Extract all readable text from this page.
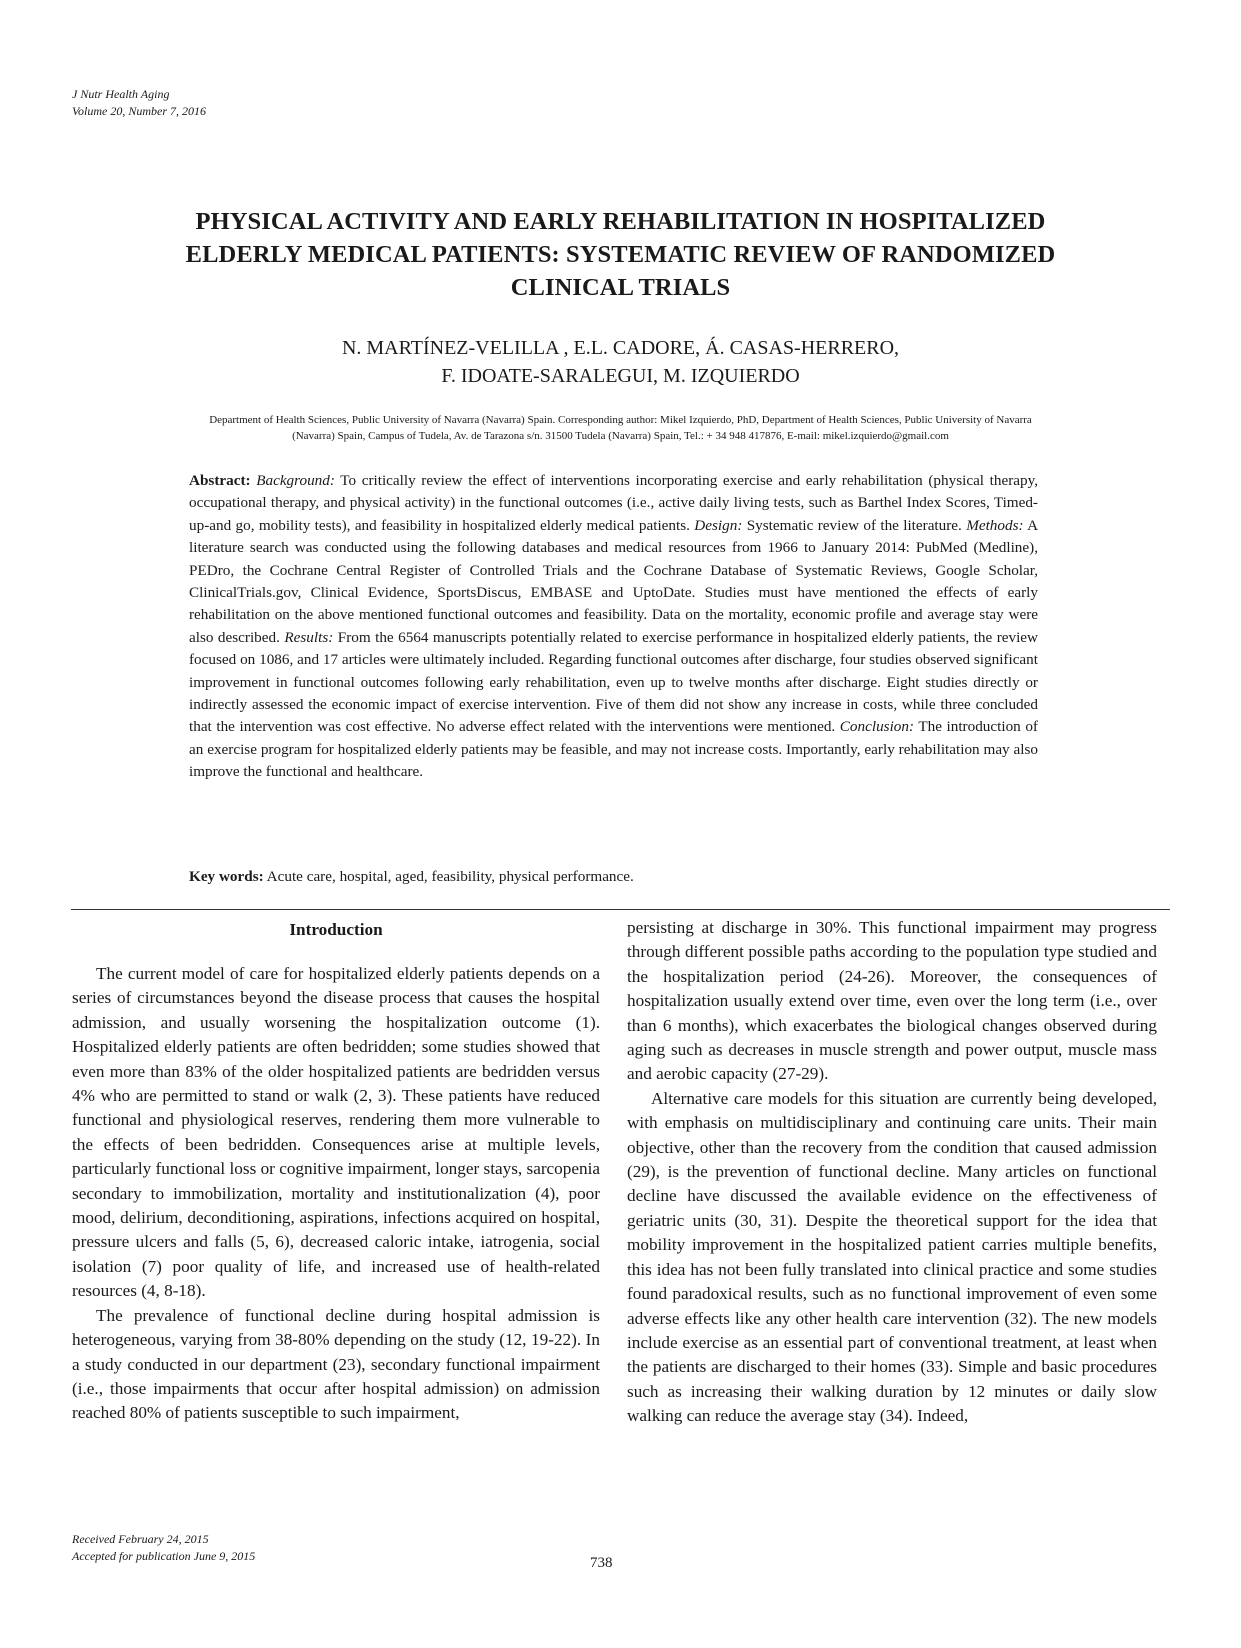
J Nutr Health Aging
Volume 20, Number 7, 2016
PHYSICAL ACTIVITY AND EARLY REHABILITATION IN HOSPITALIZED
ELDERLY MEDICAL PATIENTS: SYSTEMATIC REVIEW OF RANDOMIZED
CLINICAL TRIALS
N. MARTÍNEZ-VELILLA , E.L. CADORE, Á. CASAS-HERRERO,
F. IDOATE-SARALEGUI, M. IZQUIERDO
Department of Health Sciences, Public University of Navarra (Navarra) Spain. Corresponding author: Mikel Izquierdo, PhD, Department of Health Sciences, Public University of Navarra
(Navarra) Spain, Campus of Tudela, Av. de Tarazona s/n. 31500 Tudela (Navarra) Spain, Tel.: + 34 948 417876, E-mail: mikel.izquierdo@gmail.com
Abstract: Background: To critically review the effect of interventions incorporating exercise and early rehabilitation (physical therapy, occupational therapy, and physical activity) in the functional outcomes (i.e., active daily living tests, such as Barthel Index Scores, Timed-up-and go, mobility tests), and feasibility in hospitalized elderly medical patients. Design: Systematic review of the literature. Methods: A literature search was conducted using the following databases and medical resources from 1966 to January 2014: PubMed (Medline), PEDro, the Cochrane Central Register of Controlled Trials and the Cochrane Database of Systematic Reviews, Google Scholar, ClinicalTrials.gov, Clinical Evidence, SportsDiscus, EMBASE and UptoDate. Studies must have mentioned the effects of early rehabilitation on the above mentioned functional outcomes and feasibility. Data on the mortality, economic profile and average stay were also described. Results: From the 6564 manuscripts potentially related to exercise performance in hospitalized elderly patients, the review focused on 1086, and 17 articles were ultimately included. Regarding functional outcomes after discharge, four studies observed significant improvement in functional outcomes following early rehabilitation, even up to twelve months after discharge. Eight studies directly or indirectly assessed the economic impact of exercise intervention. Five of them did not show any increase in costs, while three concluded that the intervention was cost effective. No adverse effect related with the interventions were mentioned. Conclusion: The introduction of an exercise program for hospitalized elderly patients may be feasible, and may not increase costs. Importantly, early rehabilitation may also improve the functional and healthcare.
Key words: Acute care, hospital, aged, feasibility, physical performance.
Introduction

The current model of care for hospitalized elderly patients depends on a series of circumstances beyond the disease process that causes the hospital admission, and usually worsening the hospitalization outcome (1). Hospitalized elderly patients are often bedridden; some studies showed that even more than 83% of the older hospitalized patients are bedridden versus 4% who are permitted to stand or walk (2, 3). These patients have reduced functional and physiological reserves, rendering them more vulnerable to the effects of been bedridden. Consequences arise at multiple levels, particularly functional loss or cognitive impairment, longer stays, sarcopenia secondary to immobilization, mortality and institutionalization (4), poor mood, delirium, deconditioning, aspirations, infections acquired on hospital, pressure ulcers and falls (5, 6), decreased caloric intake, iatrogenia, social isolation (7) poor quality of life, and increased use of health-related resources (4, 8-18).

The prevalence of functional decline during hospital admission is heterogeneous, varying from 38-80% depending on the study (12, 19-22). In a study conducted in our department (23), secondary functional impairment (i.e., those impairments that occur after hospital admission) on admission reached 80% of patients susceptible to such impairment,

persisting at discharge in 30%. This functional impairment may progress through different possible paths according to the population type studied and the hospitalization period (24-26). Moreover, the consequences of hospitalization usually extend over time, even over the long term (i.e., over than 6 months), which exacerbates the biological changes observed during aging such as decreases in muscle strength and power output, muscle mass and aerobic capacity (27-29).

Alternative care models for this situation are currently being developed, with emphasis on multidisciplinary and continuing care units. Their main objective, other than the recovery from the condition that caused admission (29), is the prevention of functional decline. Many articles on functional decline have discussed the available evidence on the effectiveness of geriatric units (30, 31). Despite the theoretical support for the idea that mobility improvement in the hospitalized patient carries multiple benefits, this idea has not been fully translated into clinical practice and some studies found paradoxical results, such as no functional improvement of even some adverse effects like any other health care intervention (32). The new models include exercise as an essential part of conventional treatment, at least when the patients are discharged to their homes (33). Simple and basic procedures such as increasing their walking duration by 12 minutes or daily slow walking can reduce the average stay (34). Indeed,

Received February 24, 2015
Accepted for publication June 9, 2015	738
